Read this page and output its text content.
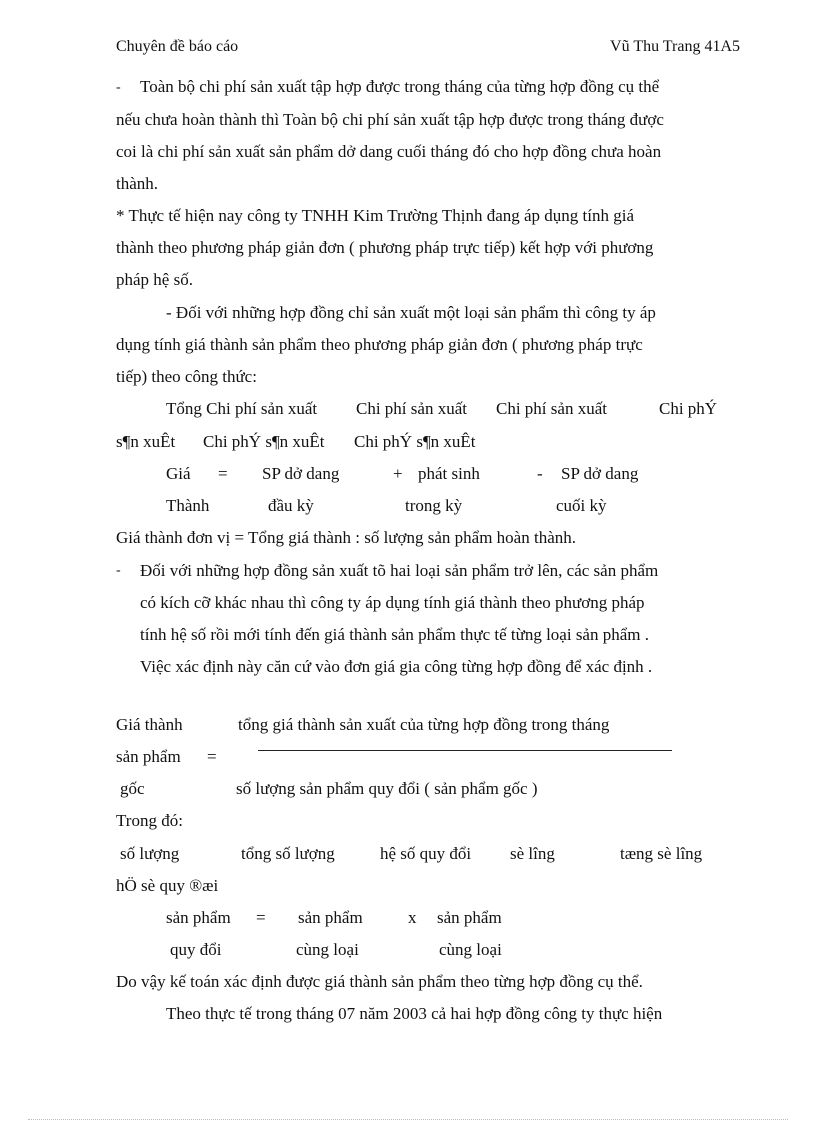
Chuyên đề báo cáo	Vũ Thu Trang 41A5
- Toàn bộ chi phí sản xuất tập hợp được trong tháng của từng hợp đồng cụ thể
nếu chưa hoàn thành thì Toàn bộ chi phí sản xuất tập hợp được trong tháng được
coi là chi phí sản xuất sản phẩm dở dang cuối tháng đó cho hợp đồng chưa hoàn
thành.
* Thực tế hiện nay công ty TNHH Kim Trường Thịnh đang áp dụng tính giá
thành theo phương pháp giản đơn ( phương pháp trực tiếp) kết hợp với phương
pháp hệ số.
- Đối với những hợp đồng chỉ sản xuất một loại sản phẩm thì công ty áp
dụng tính giá thành sản phẩm theo phương pháp giản đơn ( phương pháp trực
tiếp) theo công thức:
Tổng Chi phí sản xuất Chi phí sản xuất Chi phí sản xuất	Chi phÝ
s¶n xuÊt Chi phÝ s¶n xuÊt Chi phÝ s¶n xuÊt
Giá = SP dở dang	+ phát sinh	- SP dở dang
Thành	đầu kỳ	trong kỳ	cuối kỳ
Giá thành đơn vị = Tổng giá thành : số lượng sản phẩm hoàn thành.
- Đối với những hợp đồng sản xuất tõ hai loại sản phẩm trở lên, các sản phẩm
có kích cỡ khác nhau thì công ty áp dụng tính giá thành theo phương pháp
tính hệ số rồi mới tính đến giá thành sản phẩm thực tế từng loại sản phẩm .
Việc xác định này căn cứ vào đơn giá gia công từng hợp đồng để xác định .
Giá thành	tổng giá thành sản xuất của từng hợp đồng trong tháng
sản phẩm =
gốc	số lượng sản phẩm quy đổi ( sản phẩm gốc )
Trong đó:
số lượng	tổng số lượng	hệ số quy đổi sè lîng	tæng sè lîng
hÖ sè quy ®æi
sản phẩm = sản phẩm	x sản phẩm
quy đổi	cùng loại	cùng loại
Do vậy kế toán xác định được giá thành sản phẩm theo từng hợp đồng cụ thể.
Theo thực tế trong tháng 07 năm 2003 cả hai hợp đồng công ty thực hiện
